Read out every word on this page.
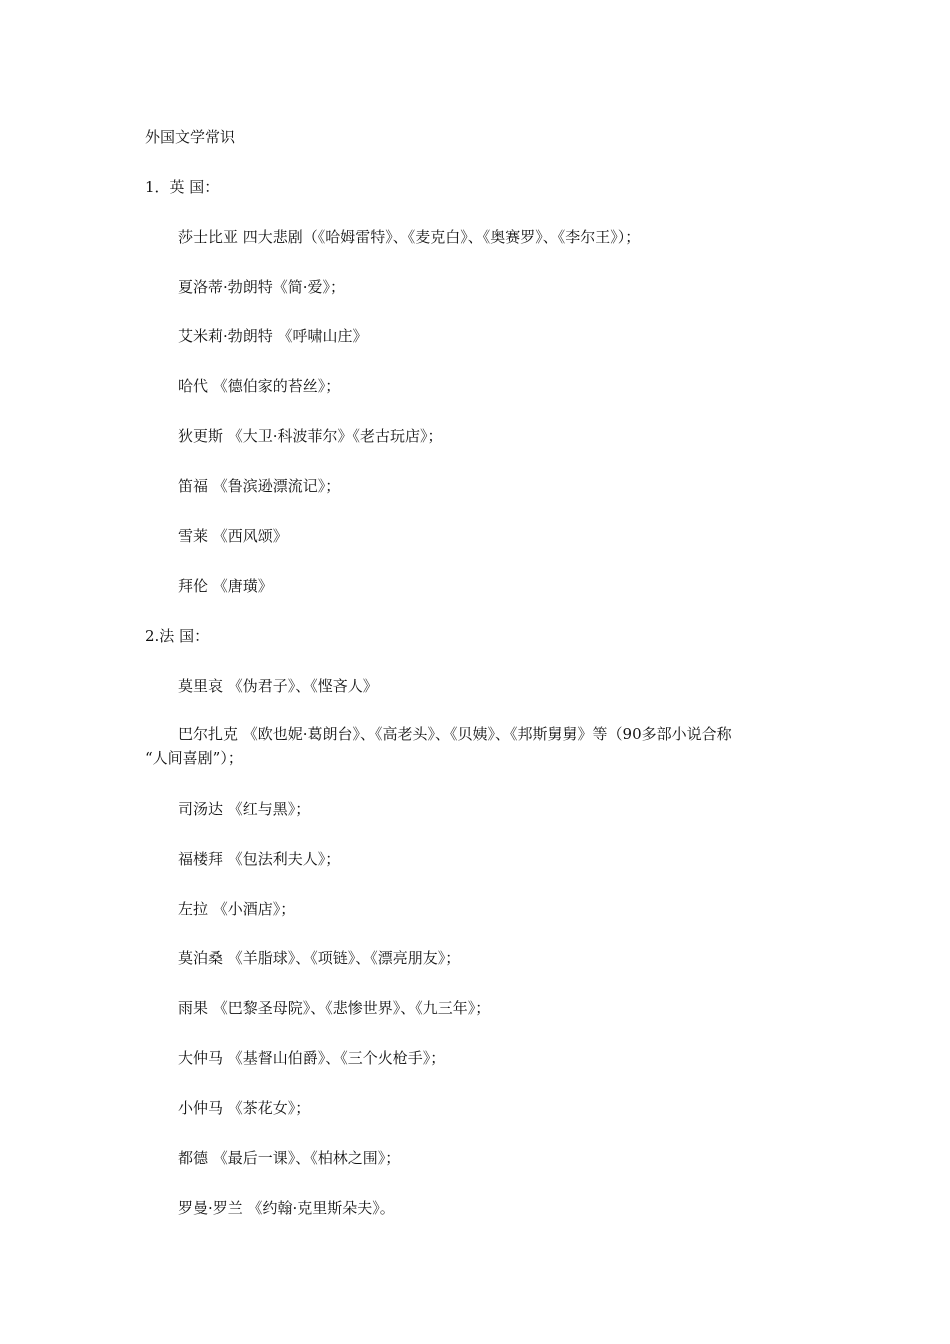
外国文学常识
1．英 国：
莎士比亚 四大悲剧（《哈姆雷特》、《麦克白》、《奥赛罗》、《李尔王》）；
夏洛蒂·勃朗特《简·爱》；
艾米莉·勃朗特 《呼啸山庄》
哈代 《德伯家的苔丝》；
狄更斯 《大卫·科波菲尔》《老古玩店》；
笛福 《鲁滨逊漂流记》；
雪莱 《西风颂》
拜伦 《唐璜》
2.法 国：
莫里哀 《伪君子》、《悭吝人》
巴尔扎克 《欧也妮·葛朗台》、《高老头》、《贝姨》、《邦斯舅舅》等（90多部小说合称
“人间喜剧”）；
司汤达 《红与黑》；
福楼拜 《包法利夫人》；
左拉 《小酒店》；
莫泊桑 《羊脂球》、《项链》、《漂亮朋友》；
雨果 《巴黎圣母院》、《悲惨世界》、《九三年》；
大仲马 《基督山伯爵》、《三个火枪手》；
小仲马 《茶花女》；
都德 《最后一课》、《柏林之围》；
罗曼·罗兰 《约翰·克里斯朵夫》。
